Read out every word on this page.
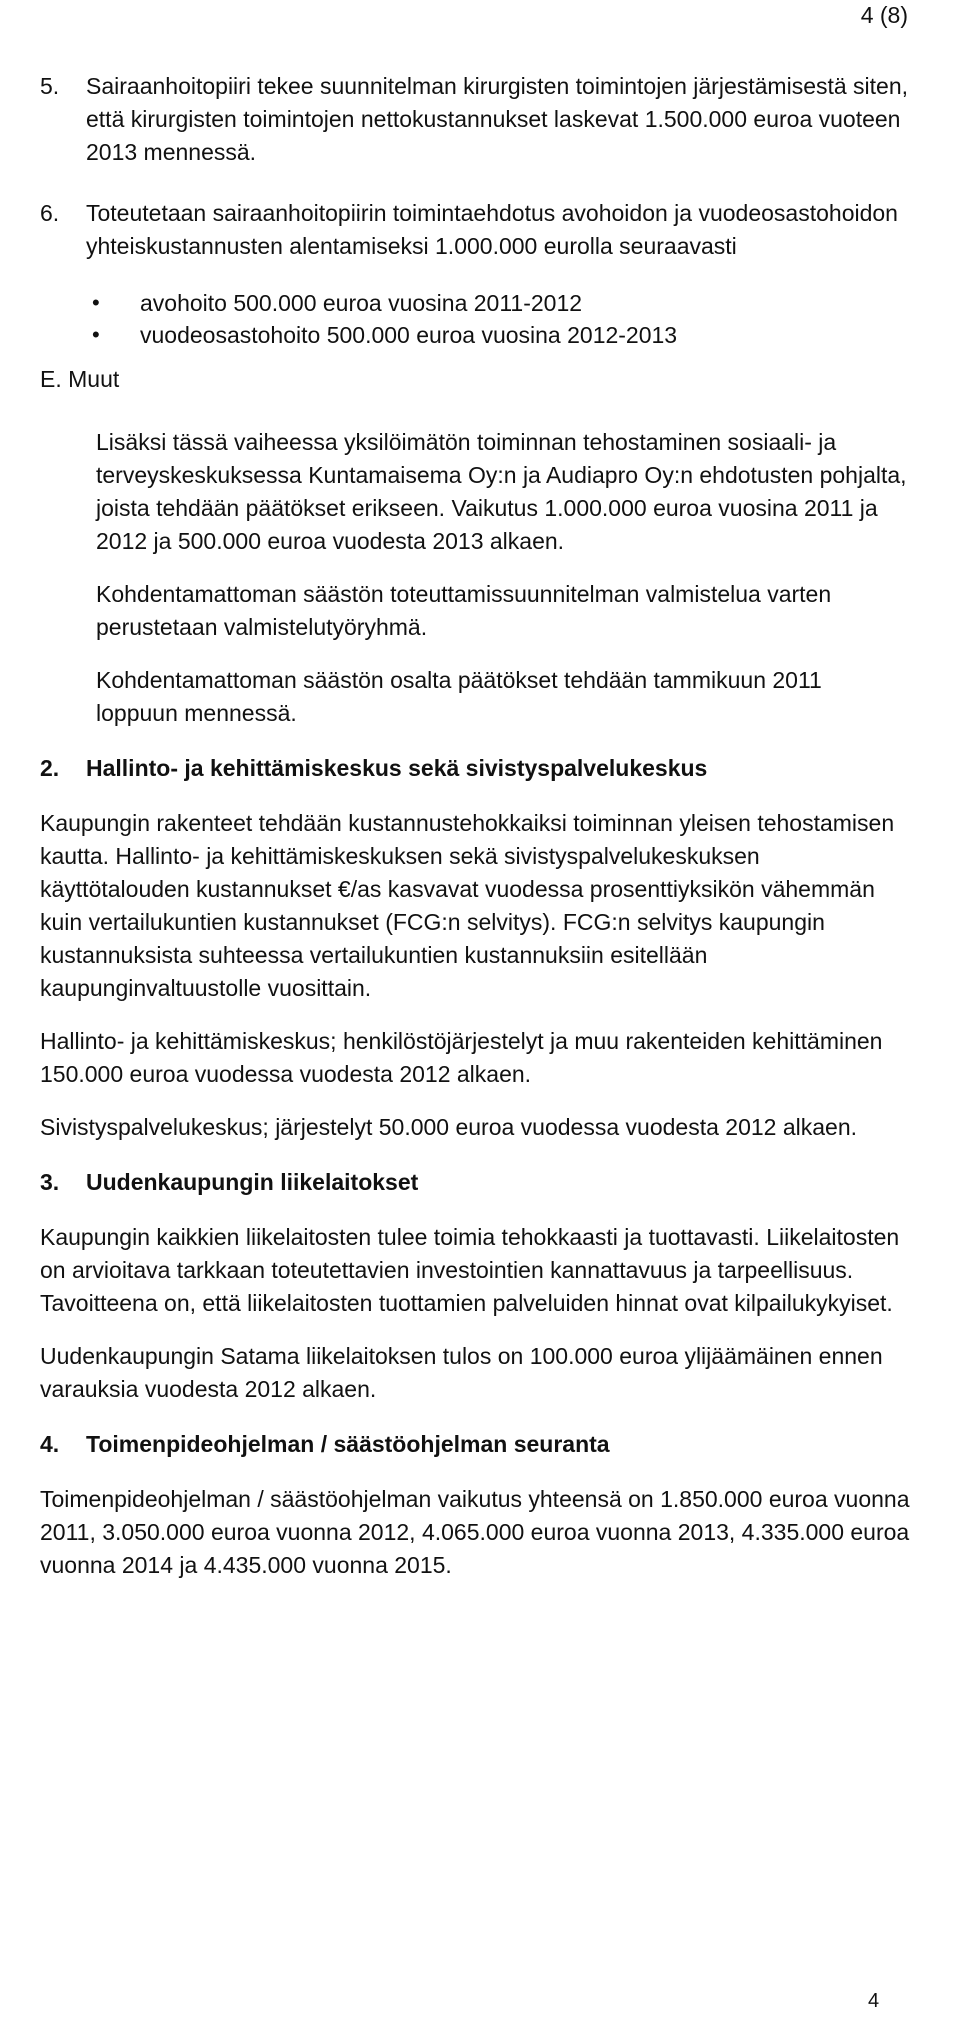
4 (8)
5.	Sairaanhoitopiiri tekee suunnitelman kirurgisten toimintojen järjestämisestä siten, että kirurgisten toimintojen nettokustannukset laskevat 1.500.000 euroa vuoteen 2013 mennessä.
6.	Toteutetaan sairaanhoitopiirin toimintaehdotus avohoidon ja vuodeosastohoidon yhteiskustannusten alentamiseksi 1.000.000 eurolla seuraavasti
• avohoito 500.000 euroa vuosina 2011-2012
• vuodeosastohoito 500.000 euroa vuosina 2012-2013
E. Muut
Lisäksi tässä vaiheessa yksilöimätön toiminnan tehostaminen sosiaali- ja terveyskeskuksessa Kuntamaisema Oy:n ja Audiapro Oy:n ehdotusten pohjalta, joista tehdään päätökset erikseen. Vaikutus 1.000.000 euroa vuosina 2011 ja 2012 ja 500.000 euroa vuodesta 2013 alkaen.
Kohdentamattoman säästön toteuttamissuunnitelman valmistelua varten perustetaan valmistelutyöryhmä.
Kohdentamattoman säästön osalta päätökset tehdään tammikuun 2011 loppuun mennessä.
2.	Hallinto- ja kehittämiskeskus sekä sivistyspalvelukeskus

Kaupungin rakenteet tehdään kustannustehokkaiksi toiminnan yleisen tehostamisen kautta. Hallinto- ja kehittämiskeskuksen sekä sivistyspalvelukeskuksen käyttötalouden kustannukset €/as kasvavat vuodessa prosenttiyksikön vähemmän kuin vertailukuntien kustannukset (FCG:n selvitys). FCG:n selvitys kaupungin kustannuksista suhteessa vertailukuntien kustannuksiin esitellään kaupunginvaltuustolle vuosittain.

Hallinto- ja kehittämiskeskus; henkilöstöjärjestelyt ja muu rakenteiden kehittäminen 150.000 euroa vuodessa vuodesta 2012 alkaen.

Sivistyspalvelukeskus; järjestelyt 50.000 euroa vuodessa vuodesta 2012 alkaen.

3.	Uudenkaupungin liikelaitokset

Kaupungin kaikkien liikelaitosten tulee toimia tehokkaasti ja tuottavasti. Liikelaitosten on arvioitava tarkkaan toteutettavien investointien kannattavuus ja tarpeellisuus. Tavoitteena on, että liikelaitosten tuottamien palveluiden hinnat ovat kilpailukykyiset.

Uudenkaupungin Satama liikelaitoksen tulos on 100.000 euroa ylijäämäinen ennen varauksia vuodesta 2012 alkaen.

4.	Toimenpideohjelman / säästöohjelman seuranta

Toimenpideohjelman / säästöohjelman vaikutus yhteensä on 1.850.000 euroa vuonna 2011, 3.050.000 euroa vuonna 2012, 4.065.000 euroa vuonna 2013, 4.335.000 euroa vuonna 2014 ja 4.435.000 vuonna 2015.

4
